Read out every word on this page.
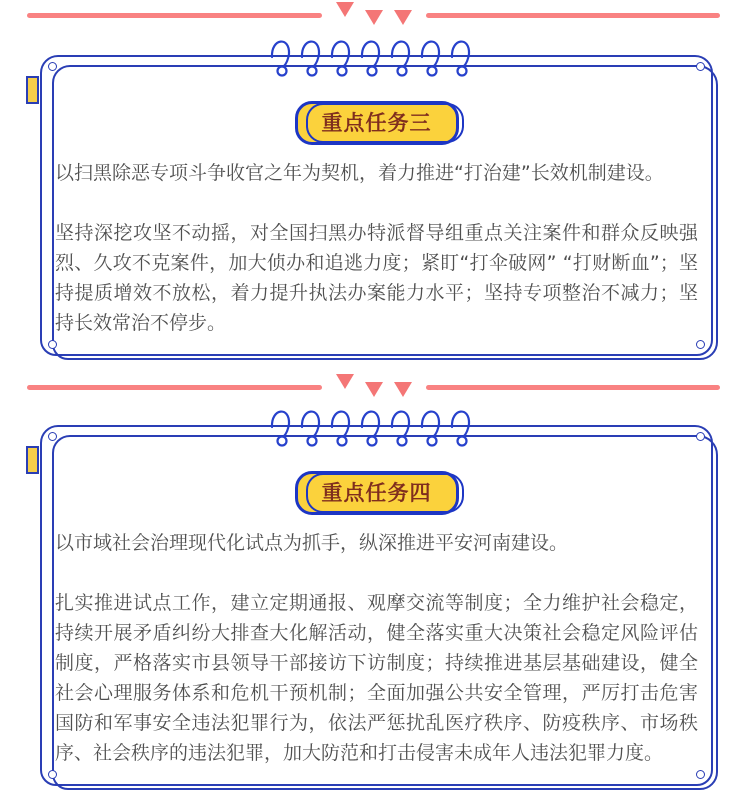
重点任务三

以扫黑除恶专项斗争收官之年为契机，着力推进“打治建”长效机制建设。

坚持深挖攻坚不动摇，对全国扫黑办特派督导组重点关注案件和群众反映强烈、久攻不克案件，加大侦办和追逃力度；紧盯“打伞破网” “打财断血”；坚持提质增效不放松，着力提升执法办案能力水平；坚持专项整治不减力；坚持长效常治不停步。

重点任务四

以市域社会治理现代化试点为抓手，纵深推进平安河南建设。

扎实推进试点工作，建立定期通报、观摩交流等制度；全力维护社会稳定，持续开展矛盾纠纷大排查大化解活动，健全落实重大决策社会稳定风险评估制度，严格落实市县领导干部接访下访制度；持续推进基层基础建设，健全社会心理服务体系和危机干预机制；全面加强公共安全管理，严厉打击危害国防和军事安全违法犯罪行为，依法严惩扰乱医疗秩序、防疫秩序、市场秩序、社会秩序的违法犯罪，加大防范和打击侵害未成年人违法犯罪力度。
